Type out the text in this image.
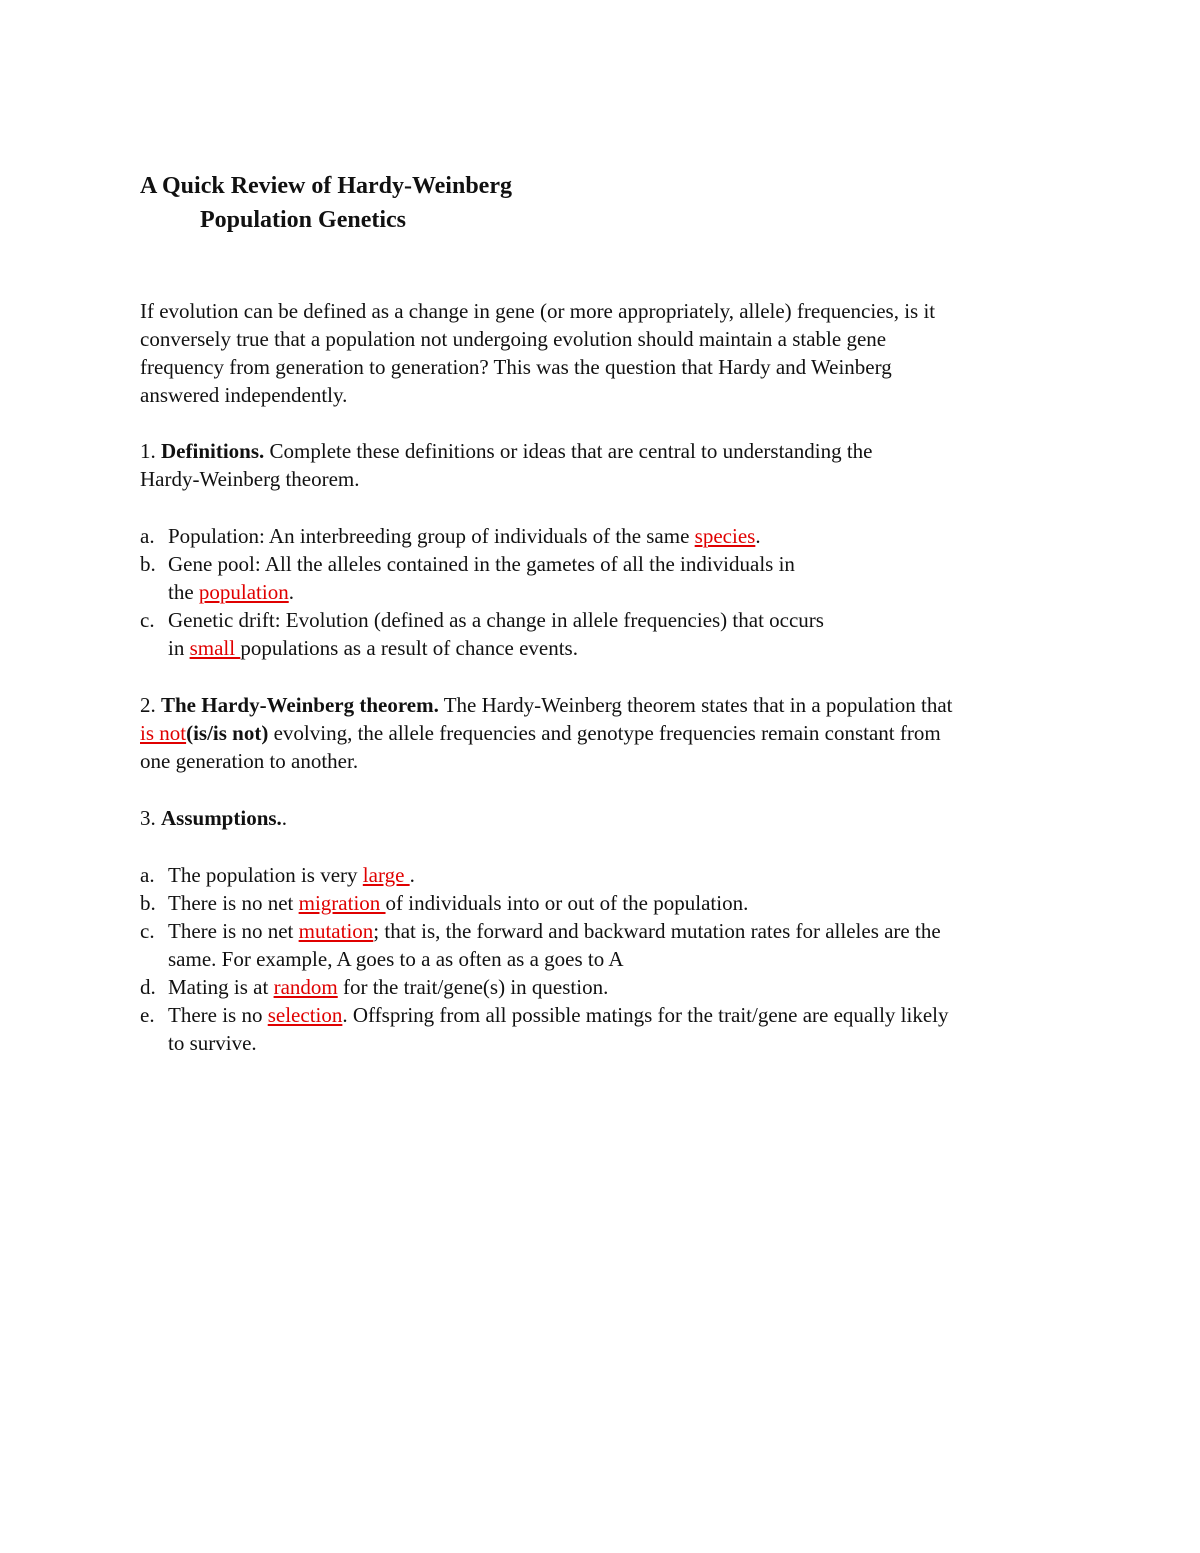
A Quick Review of Hardy-Weinberg
Population Genetics
If evolution can be defined as a change in gene (or more appropriately, allele) frequencies, is it
conversely true that a population not undergoing evolution should maintain a stable gene
frequency from generation to generation? This was the question that Hardy and Weinberg
answered independently.
1. Definitions. Complete these definitions or ideas that are central to understanding the
Hardy-Weinberg theorem.
a. Population: An interbreeding group of individuals of the same species.
b. Gene pool: All the alleles contained in the gametes of all the individuals in
the population.
c. Genetic drift: Evolution (defined as a change in allele frequencies) that occurs
in small populations as a result of chance events.
2. The Hardy-Weinberg theorem. The Hardy-Weinberg theorem states that in a population that
is not(is/is not) evolving, the allele frequencies and genotype frequencies remain constant from
one generation to another.
3. Assumptions..
a. The population is very large .
b. There is no net migration of individuals into or out of the population.
c. There is no net mutation; that is, the forward and backward mutation rates for alleles are the
same. For example, A goes to a as often as a goes to A
d. Mating is at random for the trait/gene(s) in question.
e. There is no selection. Offspring from all possible matings for the trait/gene are equally likely
to survive.
